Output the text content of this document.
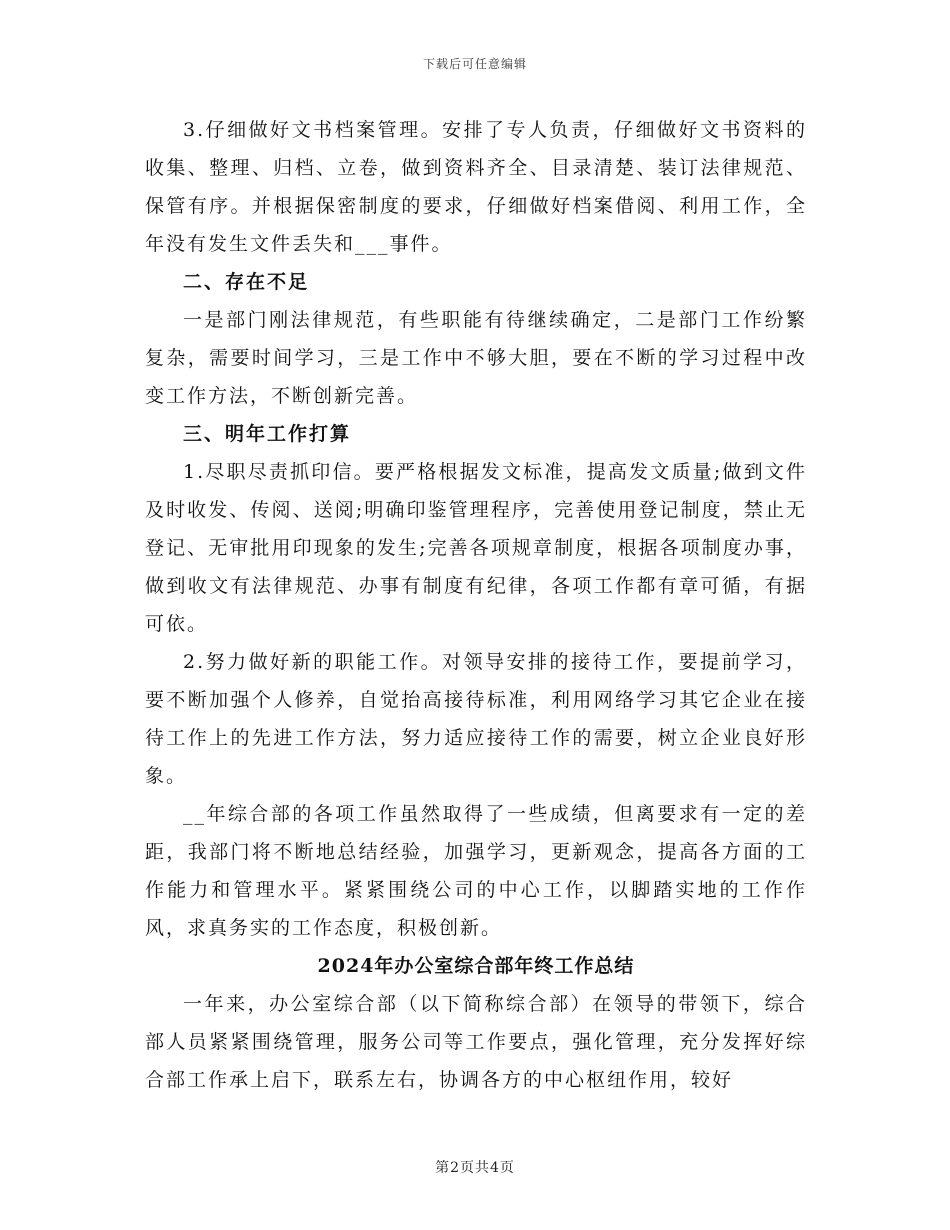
下载后可任意编辑

3.仔细做好文书档案管理。安排了专人负责，仔细做好文书资料的收集、整理、归档、立卷，做到资料齐全、目录清楚、装订法律规范、保管有序。并根据保密制度的要求，仔细做好档案借阅、利用工作，全年没有发生文件丢失和___事件。

二、存在不足

一是部门刚法律规范，有些职能有待继续确定，二是部门工作纷繁复杂，需要时间学习，三是工作中不够大胆，要在不断的学习过程中改变工作方法，不断创新完善。

三、明年工作打算

1.尽职尽责抓印信。要严格根据发文标准，提高发文质量;做到文件及时收发、传阅、送阅;明确印鉴管理程序，完善使用登记制度，禁止无登记、无审批用印现象的发生;完善各项规章制度，根据各项制度办事，做到收文有法律规范、办事有制度有纪律，各项工作都有章可循，有据可依。

2.努力做好新的职能工作。对领导安排的接待工作，要提前学习，要不断加强个人修养，自觉抬高接待标准，利用网络学习其它企业在接待工作上的先进工作方法，努力适应接待工作的需要，树立企业良好形象。

__年综合部的各项工作虽然取得了一些成绩，但离要求有一定的差距，我部门将不断地总结经验，加强学习，更新观念，提高各方面的工作能力和管理水平。紧紧围绕公司的中心工作，以脚踏实地的工作作风，求真务实的工作态度，积极创新。

2024年办公室综合部年终工作总结

一年来，办公室综合部（以下简称综合部）在领导的带领下，综合部人员紧紧围绕管理，服务公司等工作要点，强化管理，充分发挥好综合部工作承上启下，联系左右，协调各方的中心枢纽作用，较好

第2页共4页
